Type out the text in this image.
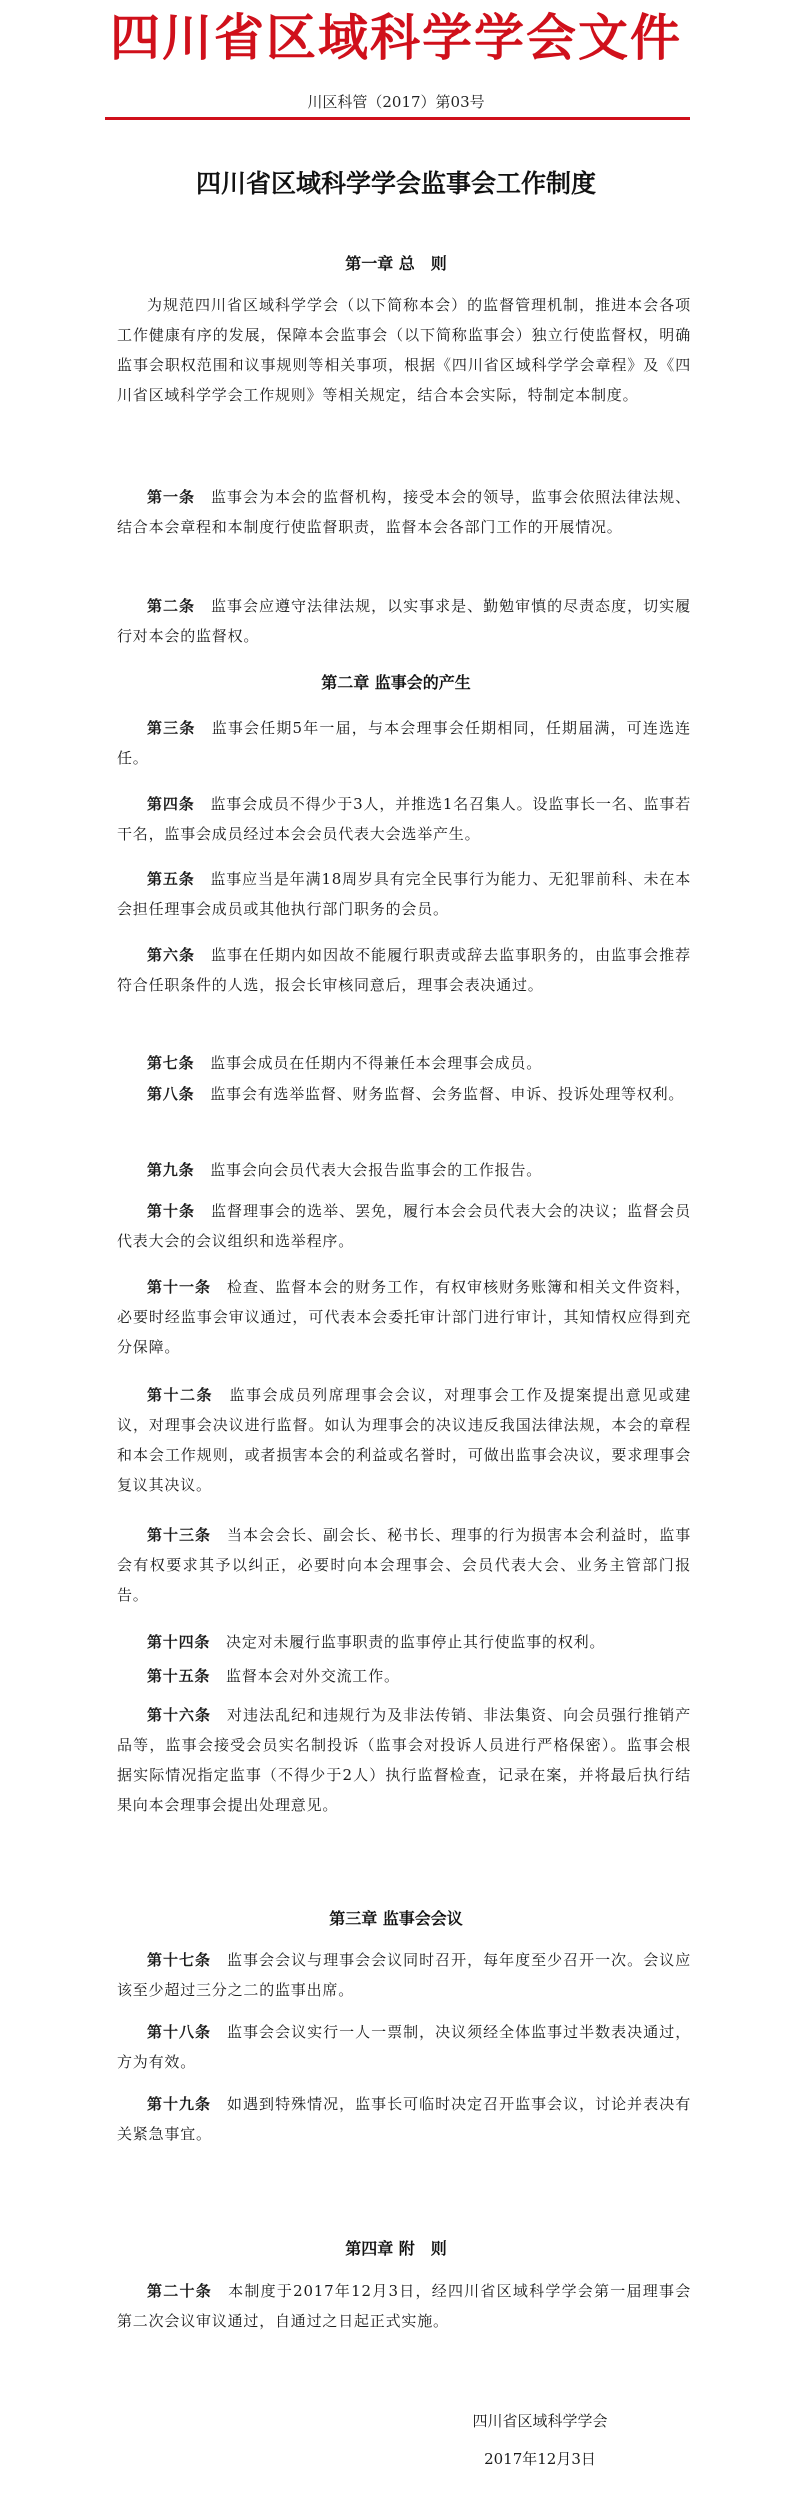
四川省区域科学学会文件
川区科管（2017）第03号
四川省区域科学学会监事会工作制度
第一章 总　则

为规范四川省区域科学学会（以下简称本会）的监督管理机制，推进本会各项工作健康有序的发展，保障本会监事会（以下简称监事会）独立行使监督权，明确监事会职权范围和议事规则等相关事项，根据《四川省区域科学学会章程》及《四川省区域科学学会工作规则》等相关规定，结合本会实际，特制定本制度。

第一条　 监事会为本会的监督机构，接受本会的领导，监事会依照法律法规、结合本会章程和本制度行使监督职责，监督本会各部门工作的开展情况。

第二条　 监事会应遵守法律法规，以实事求是、勤勉审慎的尽责态度，切实履行对本会的监督权。

第二章 监事会的产生

第三条　 监事会任期5年一届，与本会理事会任期相同，任期届满，可连选连任。

第四条　 监事会成员不得少于3人，并推选1名召集人。设监事长一名、监事若干名，监事会成员经过本会会员代表大会选举产生。

第五条　 监事应当是年满18周岁具有完全民事行为能力、无犯罪前科、未在本会担任理事会成员或其他执行部门职务的会员。

第六条　 监事在任期内如因故不能履行职责或辞去监事职务的，由监事会推荐符合任职条件的人选，报会长审核同意后，理事会表决通过。

第七条　 监事会成员在任期内不得兼任本会理事会成员。

第八条　 监事会有选举监督、财务监督、会务监督、申诉、投诉处理等权利。

第九条　 监事会向会员代表大会报告监事会的工作报告。

第十条　 监督理事会的选举、罢免，履行本会会员代表大会的决议；监督会员代表大会的会议组织和选举程序。

第十一条　 检查、监督本会的财务工作，有权审核财务账簿和相关文件资料，必要时经监事会审议通过，可代表本会委托审计部门进行审计，其知情权应得到充分保障。

第十二条　 监事会成员列席理事会会议，对理事会工作及提案提出意见或建议，对理事会决议进行监督。如认为理事会的决议违反我国法律法规，本会的章程和本会工作规则，或者损害本会的利益或名誉时，可做出监事会决议，要求理事会复议其决议。

第十三条　 当本会会长、副会长、秘书长、理事的行为损害本会利益时，监事会有权要求其予以纠正，必要时向本会理事会、会员代表大会、业务主管部门报告。

第十四条　 决定对未履行监事职责的监事停止其行使监事的权利。

第十五条　 监督本会对外交流工作。

第十六条　 对违法乱纪和违规行为及非法传销、非法集资、向会员强行推销产品等，监事会接受会员实名制投诉（监事会对投诉人员进行严格保密）。监事会根据实际情况指定监事（不得少于2人）执行监督检查，记录在案，并将最后执行结果向本会理事会提出处理意见。

第三章 监事会会议

第十七条　 监事会会议与理事会会议同时召开，每年度至少召开一次。会议应该至少超过三分之二的监事出席。

第十八条　 监事会会议实行一人一票制，决议须经全体监事过半数表决通过，方为有效。

第十九条　 如遇到特殊情况，监事长可临时决定召开监事会议，讨论并表决有关紧急事宜。

第四章 附　则

第二十条　 本制度于2017年12月3日，经四川省区域科学学会第一届理事会第二次会议审议通过，自通过之日起正式实施。

四川省区域科学学会
2017年12月3日
